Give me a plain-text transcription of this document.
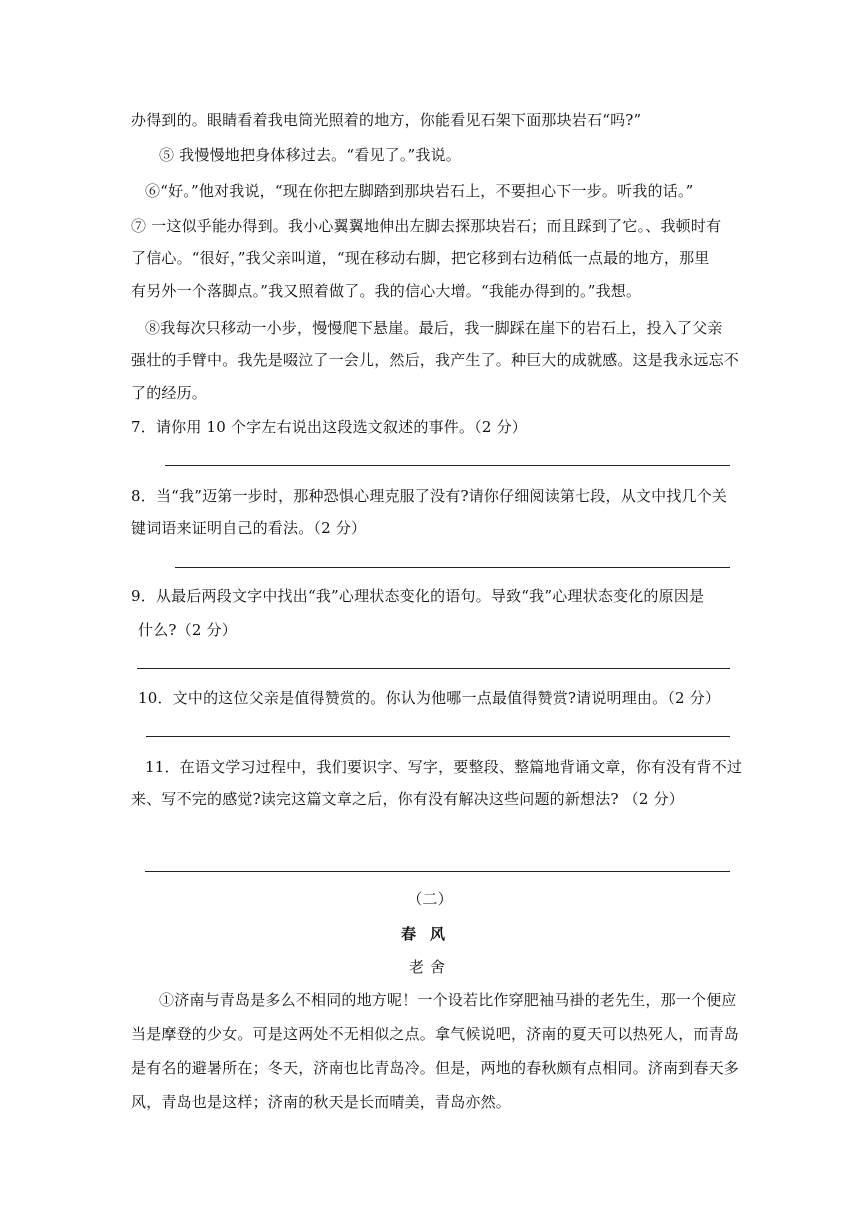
办得到的。眼睛看着我电筒光照着的地方，你能看见石架下面那块岩石“吗?”
⑤ 我慢慢地把身体移过去。“看见了。”我说。
⑥“好。”他对我说，“现在你把左脚踏到那块岩石上，不要担心下一步。听我的话。”
⑦ 一这似乎能办得到。我小心翼翼地伸出左脚去探那块岩石；而且踩到了它。、我顿时有
了信心。“很好，”我父亲叫道，“现在移动右脚，把它移到右边稍低一点最的地方，那里
有另外一个落脚点。”我又照着做了。我的信心大增。“我能办得到的。”我想。
⑧我每次只移动一小步，慢慢爬下悬崖。最后，我一脚踩在崖下的岩石上，投入了父亲
强壮的手臂中。我先是啜泣了一会儿，然后，我产生了。种巨大的成就感。这是我永远忘不
了的经历。
7．请你用 10 个字左右说出这段选文叙述的事件。（2 分）
8．当“我”迈第一步时，那种恐惧心理克服了没有?请你仔细阅读第七段，从文中找几个关
键词语来证明自己的看法。（2 分）
9．从最后两段文字中找出“我”心理状态变化的语句。导致“我”心理状态变化的原因是
什么?（2 分）
10．文中的这位父亲是值得赞赏的。你认为他哪一点最值得赞赏?请说明理由。（2 分）
11．在语文学习过程中，我们要识字、写字，要整段、整篇地背诵文章，你有没有背不过
来、写不完的感觉?读完这篇文章之后，你有没有解决这些问题的新想法? （2 分）
（二）
春风
老舍
①济南与青岛是多么不相同的地方呢！一个设若比作穿肥袖马褂的老先生，那一个便应
当是摩登的少女。可是这两处不无相似之点。拿气候说吧，济南的夏天可以热死人，而青岛
是有名的避暑所在；冬天，济南也比青岛冷。但是，两地的春秋颇有点相同。济南到春天多
风，青岛也是这样；济南的秋天是长而晴美，青岛亦然。
